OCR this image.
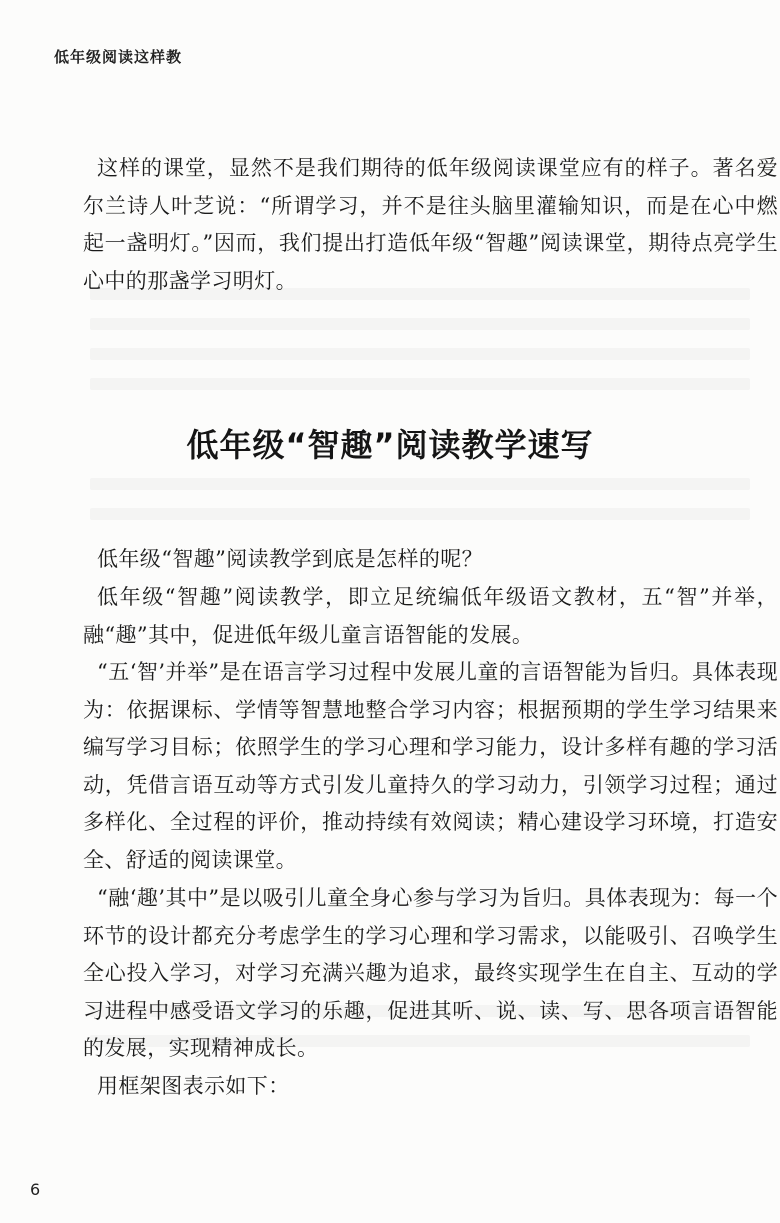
低年级阅读这样教

这样的课堂，显然不是我们期待的低年级阅读课堂应有的样子。著名爱尔兰诗人叶芝说：“所谓学习，并不是往头脑里灌输知识，而是在心中燃起一盏明灯。”因而，我们提出打造低年级“智趣”阅读课堂，期待点亮学生心中的那盏学习明灯。

低年级“智趣”阅读教学速写

低年级“智趣”阅读教学到底是怎样的呢？

低年级“智趣”阅读教学，即立足统编低年级语文教材，五“智”并举，融“趣”其中，促进低年级儿童言语智能的发展。

“五‘智’并举”是在语言学习过程中发展儿童的言语智能为旨归。具体表现为：依据课标、学情等智慧地整合学习内容；根据预期的学生学习结果来编写学习目标；依照学生的学习心理和学习能力，设计多样有趣的学习活动，凭借言语互动等方式引发儿童持久的学习动力，引领学习过程；通过多样化、全过程的评价，推动持续有效阅读；精心建设学习环境，打造安全、舒适的阅读课堂。

“融‘趣’其中”是以吸引儿童全身心参与学习为旨归。具体表现为：每一个环节的设计都充分考虑学生的学习心理和学习需求，以能吸引、召唤学生全心投入学习，对学习充满兴趣为追求，最终实现学生在自主、互动的学习进程中感受语文学习的乐趣，促进其听、说、读、写、思各项言语智能的发展，实现精神成长。

用框架图表示如下：

6
